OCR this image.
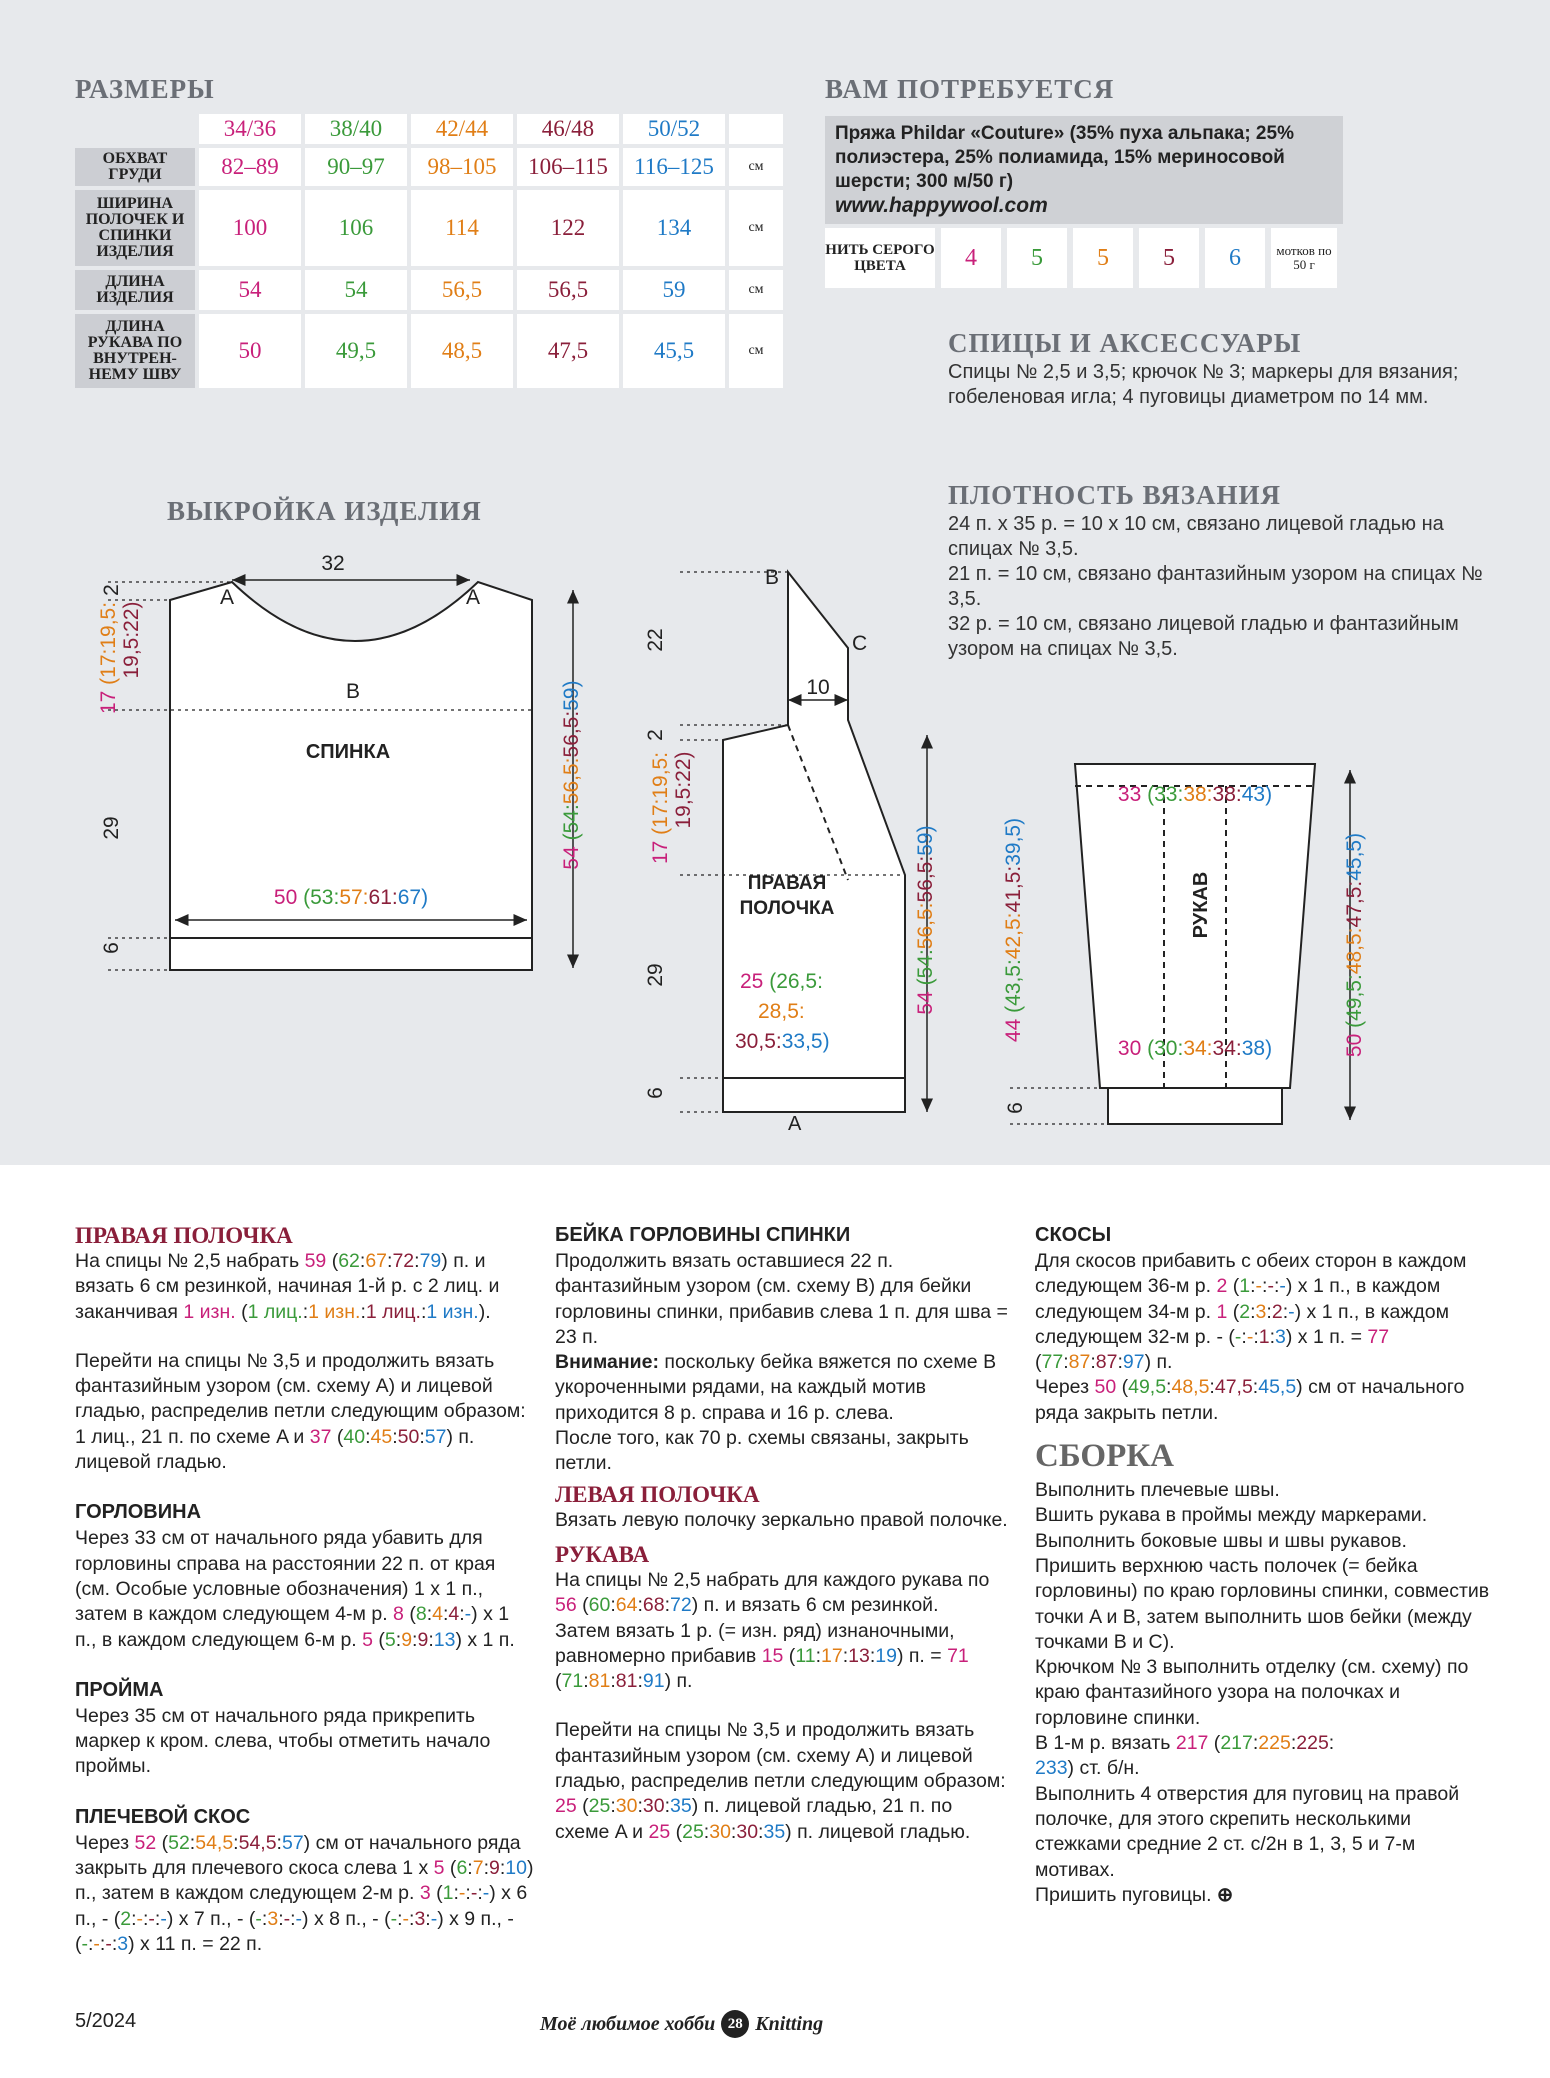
РАЗМЕРЫ
	34/36	38/40	42/44	46/48	50/52	
ОБХВАТ ГРУДИ	82–89	90–97	98–105	106–115	116–125	см
ШИРИНА ПОЛОЧЕК И СПИНКИ ИЗДЕЛИЯ	100	106	114	122	134	см
ДЛИНА ИЗДЕЛИЯ	54	54	56,5	56,5	59	см
ДЛИНА РУКАВА ПО ВНУТРЕН-НЕМУ ШВУ	50	49,5	48,5	47,5	45,5	см
ВАМ ПОТРЕБУЕТСЯ
Пряжа Phildar «Couture» (35% пуха альпака; 25% полиэстера, 25% полиамида, 15% мериносовой шерсти; 300 м/50 г)
www.happywool.com
НИТЬ СЕРОГО ЦВЕТА	4	5	5	5	6	мотков по 50 г
СПИЦЫ И АКСЕССУАРЫ
Спицы № 2,5 и 3,5; крючок № 3; маркеры для вязания; гобеленовая игла; 4 пуговицы диаметром по 14 мм.
ПЛОТНОСТЬ ВЯЗАНИЯ
24 п. х 35 р. = 10 х 10 см, связано лицевой гладью на спицах № 3,5.
21 п. = 10 см, связано фантазийным узором на спицах № 3,5.
32 р. = 10 см, связано лицевой гладью и фантазийным узором на спицах № 3,5.
ВЫКРОЙКА ИЗДЕЛИЯ
32
A	A
B
СПИНКА
A
B
C
10
ПРАВАЯ
ПОЛОЧКА	РУКАВ
6
29
2
6
29
2
22
6
17 (17:19,5: 19,5:22)
50 (53:57:61:67)
54 (54:56,5:56,5:59)
17 (17:19,5: 19,5:22)
25 (26,5:
28,5:
30,5:33,5)
54 (54:56,5:56,5:59)
33 (33:38:38:43)
30 (30:34:34:38)
44 (43,5:42,5:41,5:39,5)
50 (49,5:48,5:47,5:45,5)
ПРАВАЯ ПОЛОЧКА

На спицы № 2,5 набрать 59 (62:67:72:79) п. и вязать 6 см резинкой, начиная 1-й р. с 2 лиц. и заканчивая 1 изн. (1 лиц.:1 изн.:1 лиц.:1 изн.).

Перейти на спицы № 3,5 и продолжить вязать фантазийным узором (см. схему A) и лицевой гладью, распределив петли следующим образом: 1 лиц., 21 п. по схеме A и 37 (40:45:50:57) п. лицевой гладью.

ГОРЛОВИНА

Через 33 см от начального ряда убавить для горловины справа на расстоянии 22 п. от края (см. Особые условные обозначения) 1 х 1 п., затем в каждом следующем 4-м р. 8 (8:4:4:-) х 1 п., в каждом следующем 6-м р. 5 (5:9:9:13) х 1 п.

ПРОЙМА

Через 35 см от начального ряда прикрепить маркер к кром. слева, чтобы отметить начало проймы.

ПЛЕЧЕВОЙ СКОС

Через 52 (52:54,5:54,5:57) см от начального ряда закрыть для плечевого скоса слева 1 х 5 (6:7:9:10) п., затем в каждом следующем 2-м р. 3 (1:-:-:-) х 6 п., - (2:-:-:-) х 7 п., - (-:3:-:-) х 8 п., - (-:-:3:-) х 9 п., - (-:-:-:3) х 11 п. = 22 п.

БЕЙКА ГОРЛОВИНЫ СПИНКИ

Продолжить вязать оставшиеся 22 п. фантазийным узором (см. схему B) для бейки горловины спинки, прибавив слева 1 п. для шва = 23 п.
Внимание: поскольку бейка вяжется по схеме B укороченными рядами, на каждый мотив приходится 8 р. справа и 16 р. слева.
После того, как 70 р. схемы связаны, закрыть петли.

ЛЕВАЯ ПОЛОЧКА

Вязать левую полочку зеркально правой полочке.

РУКАВА

На спицы № 2,5 набрать для каждого рукава по 56 (60:64:68:72) п. и вязать 6 см резинкой.
Затем вязать 1 р. (= изн. ряд) изнаночными, равномерно прибавив 15 (11:17:13:19) п. = 71 (71:81:81:91) п.

Перейти на спицы № 3,5 и продолжить вязать фантазийным узором (см. схему A) и лицевой гладью, распределив петли следующим образом: 25 (25:30:30:35) п. лицевой гладью, 21 п. по схеме A и 25 (25:30:30:35) п. лицевой гладью.

СКОСЫ

Для скосов прибавить с обеих сторон в каждом следующем 36-м р. 2 (1:-:-:-) х 1 п., в каждом следующем 34-м р. 1 (2:3:2:-) х 1 п., в каждом следующем 32-м р. - (-:-:1:3) х 1 п. = 77 (77:87:87:97) п.
Через 50 (49,5:48,5:47,5:45,5) см от начального ряда закрыть петли.

СБОРКА

Выполнить плечевые швы.
Вшить рукава в проймы между маркерами.
Выполнить боковые швы и швы рукавов.
Пришить верхнюю часть полочек (= бейка горловины) по краю горловины спинки, совместив точки A и B, затем выполнить шов бейки (между точками B и C).
Крючком № 3 выполнить отделку (см. схему) по краю фантазийного узора на полочках и горловине спинки.
В 1-м р. вязать 217 (217:225:225:
233) ст. б/н.
Выполнить 4 отверстия для пуговиц на правой полочке, для этого скрепить несколькими стежками средние 2 ст. с/2н в 1, 3, 5 и 7-м мотивах.
Пришить пуговицы. ⊕

5/2024	Моё любимое хобби 28 Knitting
